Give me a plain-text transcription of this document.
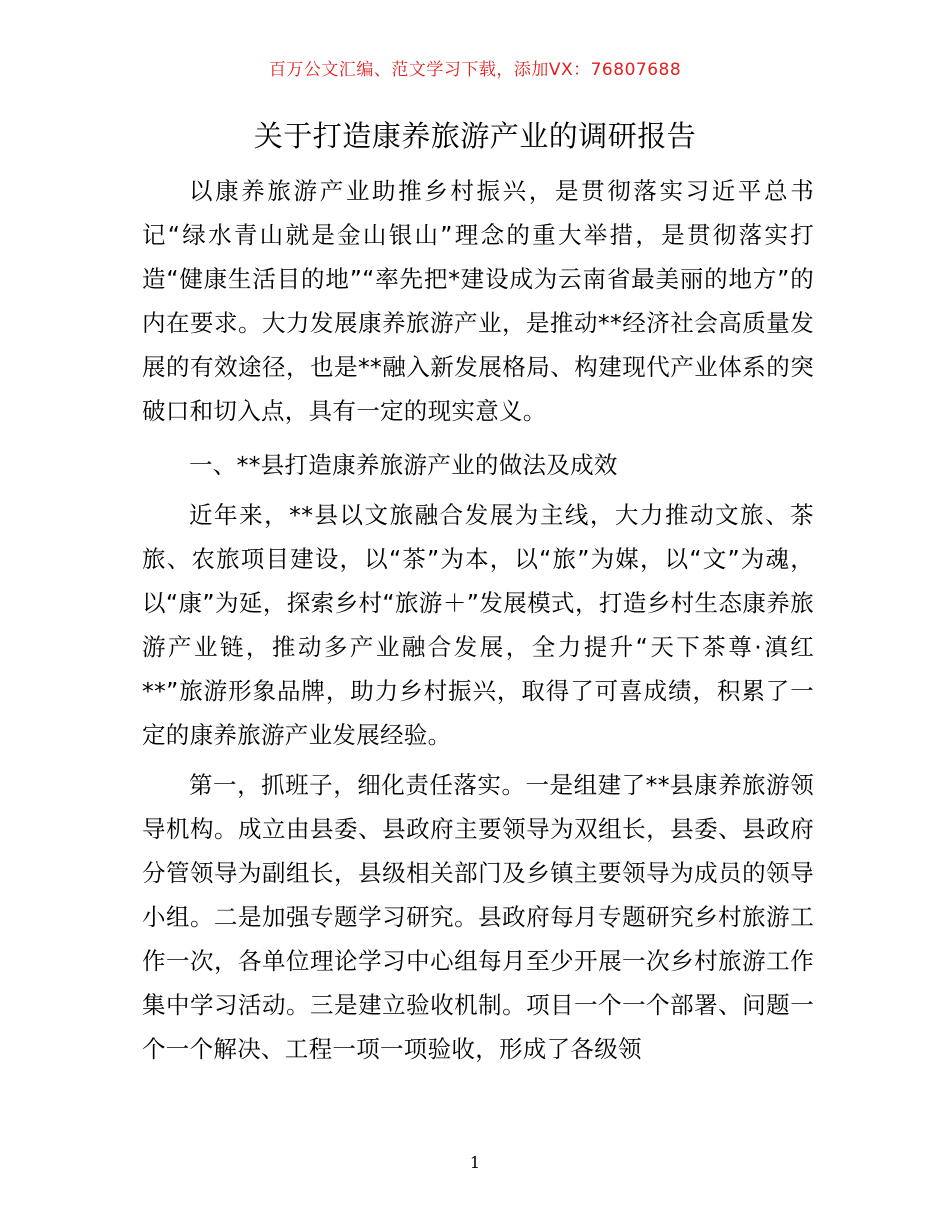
百万公文汇编、范文学习下载，添加VX：76807688
关于打造康养旅游产业的调研报告

以康养旅游产业助推乡村振兴，是贯彻落实习近平总书记“绿水青山就是金山银山”理念的重大举措，是贯彻落实打造“健康生活目的地”“率先把*建设成为云南省最美丽的地方”的内在要求。大力发展康养旅游产业，是推动**经济社会高质量发展的有效途径，也是**融入新发展格局、构建现代产业体系的突破口和切入点，具有一定的现实意义。

一、**县打造康养旅游产业的做法及成效

近年来，**县以文旅融合发展为主线，大力推动文旅、茶旅、农旅项目建设，以“茶”为本，以“旅”为媒，以“文”为魂，以“康”为延，探索乡村“旅游＋”发展模式，打造乡村生态康养旅游产业链，推动多产业融合发展，全力提升“天下茶尊·滇红**”旅游形象品牌，助力乡村振兴，取得了可喜成绩，积累了一定的康养旅游产业发展经验。

第一，抓班子，细化责任落实。一是组建了**县康养旅游领导机构。成立由县委、县政府主要领导为双组长，县委、县政府分管领导为副组长，县级相关部门及乡镇主要领导为成员的领导小组。二是加强专题学习研究。县政府每月专题研究乡村旅游工作一次，各单位理论学习中心组每月至少开展一次乡村旅游工作集中学习活动。三是建立验收机制。项目一个一个部署、问题一个一个解决、工程一项一项验收，形成了各级领

1
